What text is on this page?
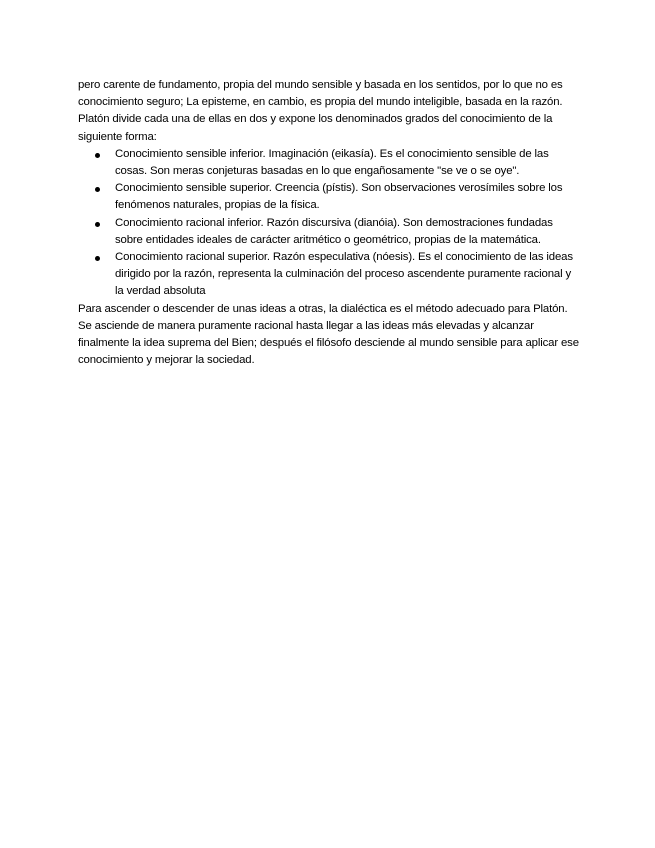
pero carente de fundamento, propia del mundo sensible y basada en los sentidos, por lo que no es conocimiento seguro; La episteme, en cambio, es propia del mundo inteligible, basada en la razón. Platón divide cada una de ellas en dos y expone los denominados grados del conocimiento de la siguiente forma:

Conocimiento sensible inferior. Imaginación (eikasía). Es el conocimiento sensible de las cosas. Son meras conjeturas basadas en lo que engañosamente "se ve o se oye".
Conocimiento sensible superior. Creencia (pístis). Son observaciones verosímiles sobre los fenómenos naturales, propias de la física.
Conocimiento racional inferior. Razón discursiva (dianóia). Son demostraciones fundadas sobre entidades ideales de carácter aritmético o geométrico, propias de la matemática.
Conocimiento racional superior. Razón especulativa (nóesis). Es el conocimiento de las ideas dirigido por la razón, representa la culminación del proceso ascendente puramente racional y la verdad absoluta

Para ascender o descender de unas ideas a otras, la dialéctica es el método adecuado para Platón. Se asciende de manera puramente racional hasta llegar a las ideas más elevadas y alcanzar finalmente la idea suprema del Bien; después el filósofo desciende al mundo sensible para aplicar ese conocimiento y mejorar la sociedad.
